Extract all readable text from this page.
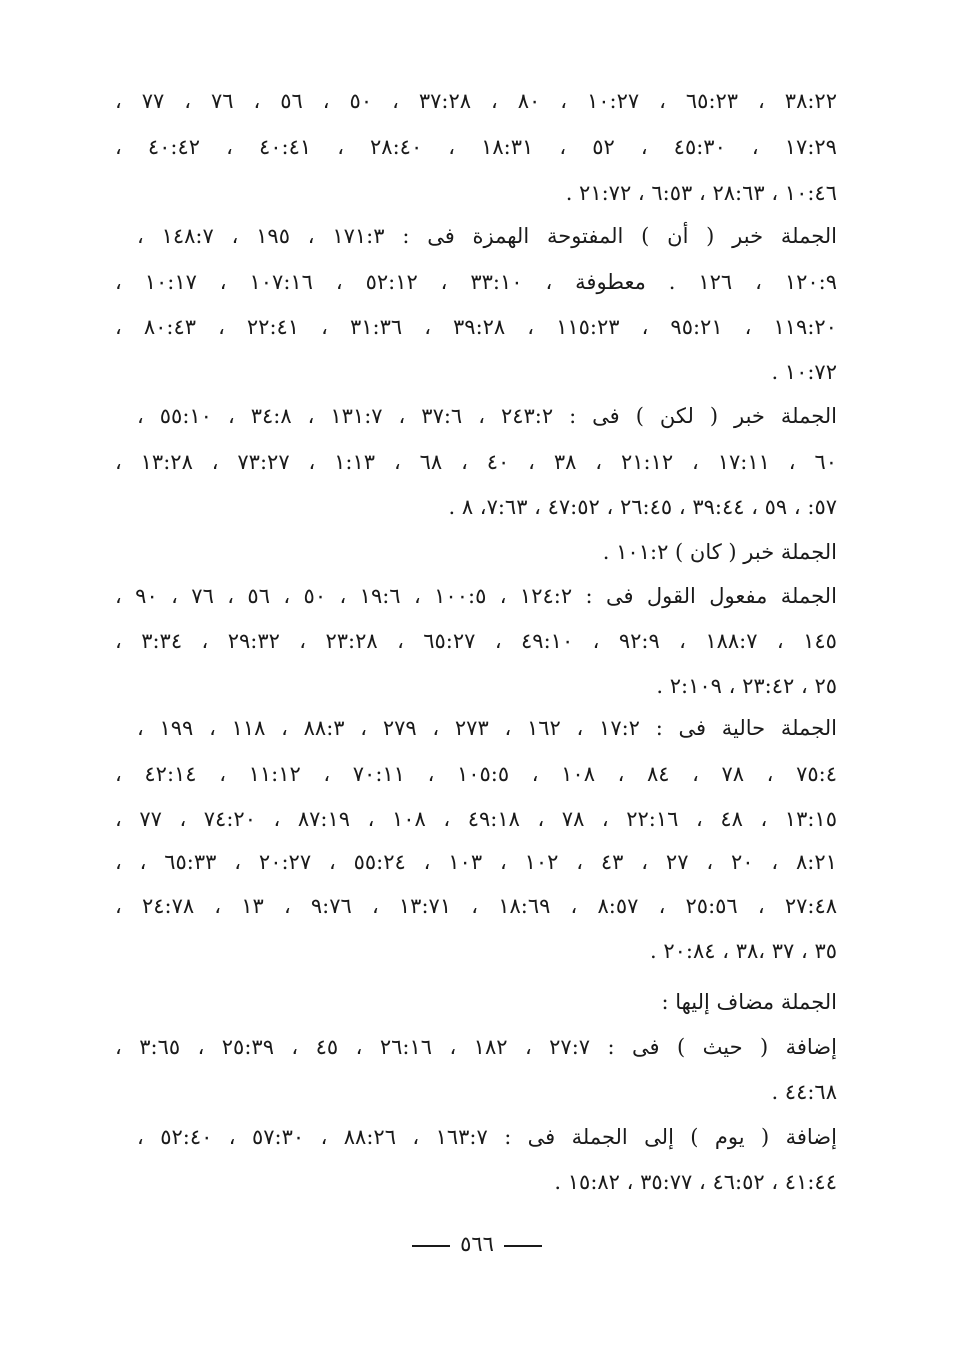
٣٨:٢٢ ، ٦٥:٢٣ ، ١٠:٢٧ ، ٨٠ ، ٣٧:٢٨ ، ٥٠ ، ٥٦ ، ٧٦ ، ٧٧ ،
١٧:٢٩ ، ٤٥:٣٠ ، ٥٢ ، ١٨:٣١ ، ٢٨:٤٠ ، ٤٠:٤١ ، ٤٠:٤٢ ،
١٠:٤٦ ، ٢٨:٦٣ ، ٦:٥٣ ، ٢١:٧٢ .
الجملة خبر ( أن ) المفتوحة الهمزة فى : ١٧١:٣ ، ١٩٥ ، ١٤٨:٧ ،
١٢٠:٩ ، ١٢٦ . معطوفة ، ٣٣:١٠ ، ٥٢:١٢ ، ١٠٧:١٦ ، ١٠:١٧ ،
١١٩:٢٠ ، ٩٥:٢١ ، ١١٥:٢٣ ، ٣٩:٢٨ ، ٣١:٣٦ ، ٢٢:٤١ ، ٨٠:٤٣ ،
١٠:٧٢ .
الجملة خبر ( لكن ) فى : ٢٤٣:٢ ، ٣٧:٦ ، ١٣١:٧ ، ٣٤:٨ ، ٥٥:١٠ ،
٦٠ ، ١٧:١١ ، ٢١:١٢ ، ٣٨ ، ٤٠ ، ٦٨ ، ١:١٣ ، ٧٣:٢٧ ، ١٣:٢٨ ،
٥٧: ، ٥٩ ، ٣٩:٤٤ ، ٢٦:٤٥ ، ٤٧:٥٢ ، ٧:٦٣، ٨ .
الجملة خبر ( كان ) ١٠١:٢ .
الجملة مفعول القول فى : ١٢٤:٢ ، ١٠٠:٥ ، ١٩:٦ ، ٥٠ ، ٥٦ ، ٧٦ ، ٩٠ ،
١٤٥ ، ١٨٨:٧ ، ٩٢:٩ ، ٤٩:١٠ ، ٦٥:٢٧ ، ٢٣:٢٨ ، ٢٩:٣٢ ، ٣:٣٤ ،
٢٥ ، ٢٣:٤٢ ، ٢:١٠٩ .
الجملة حالية فى : ١٧:٢ ، ١٦٢ ، ٢٧٣ ، ٢٧٩ ، ٨٨:٣ ، ١١٨ ، ١٩٩ ،
٧٥:٤ ، ٧٨ ، ٨٤ ، ١٠٨ ، ١٠٥:٥ ، ٧٠:١١ ، ١١:١٢ ، ٤٢:١٤ ،
١٣:١٥ ، ٤٨ ، ٢٢:١٦ ، ٧٨ ، ٤٩:١٨ ، ١٠٨ ، ٨٧:١٩ ، ٧٤:٢٠ ، ٧٧ ،
٨:٢١ ، ٢٠ ، ٢٧ ، ٤٣ ، ١٠٢ ، ١٠٣ ، ٥٥:٢٤ ، ٢٠:٢٧ ، ٦٥:٣٣ ، ،
٢٧:٤٨ ، ٢٥:٥٦ ، ٨:٥٧ ، ١٨:٦٩ ، ١٣:٧١ ، ٩:٧٦ ، ١٣ ، ٢٤:٧٨ ،
٣٥ ، ٣٧ ،٣٨ ، ٢٠:٨٤ .
الجملة مضاف إليها :
إضافة ( حيث ) فى : ٢٧:٧ ، ١٨٢ ، ٢٦:١٦ ، ٤٥ ، ٢٥:٣٩ ، ٣:٦٥ ،
٤٤:٦٨ .
إضافة ( يوم ) إلى الجملة فى : ١٦٣:٧ ، ٨٨:٢٦ ، ٥٧:٣٠ ، ٥٢:٤٠ ،
٤١:٤٤ ، ٤٦:٥٢ ، ٣٥:٧٧ ، ١٥:٨٢ .
٥٦٦
